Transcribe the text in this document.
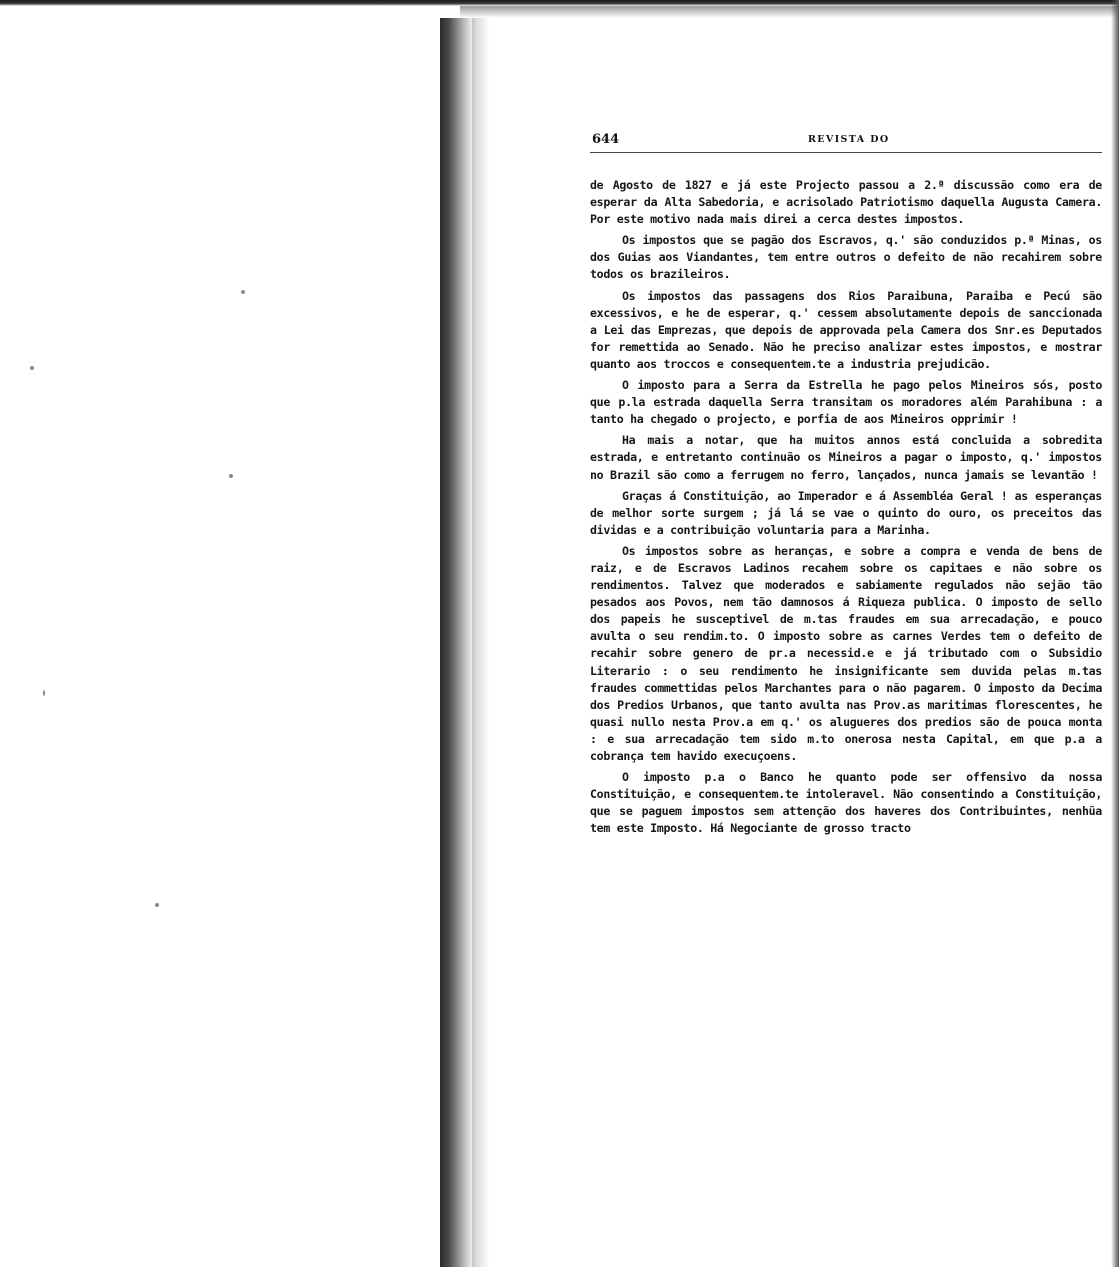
644	REVISTA DO

de Agosto de 1827 e já este Projecto passou a 2.ª discussão como era de esperar da Alta Sabedoria, e acrisolado Patriotismo daquella Augusta Camera. Por este motivo nada mais direi a cerca destes impostos.

Os impostos que se pagão dos Escravos, q.' são conduzidos p.ª Minas, os dos Guias aos Viandantes, tem entre outros o defeito de não recahirem sobre todos os brazileiros.

Os impostos das passagens dos Rios Paraibuna, Paraiba e Pecú são excessivos, e he de esperar, q.' cessem absolutamente depois de sanccionada a Lei das Emprezas, que depois de approvada pela Camera dos Snr.es Deputados for remettida ao Senado. Não he preciso analizar estes impostos, e mostrar quanto aos troccos e consequentem.te a industria prejudicão.

O imposto para a Serra da Estrella he pago pelos Mineiros sós, posto que p.la estrada daquella Serra transitam os moradores além Parahibuna : a tanto ha chegado o projecto, e porfia de aos Mineiros opprimir !

Ha mais a notar, que ha muitos annos está concluida a sobredita estrada, e entretanto continuão os Mineiros a pagar o imposto, q.' impostos no Brazil são como a ferrugem no ferro, lançados, nunca jamais se levantão !

Graças á Constituição, ao Imperador e á Assembléa Geral ! as esperanças de melhor sorte surgem ; já lá se vae o quinto do ouro, os preceitos das dividas e a contribuição voluntaria para a Marinha.

Os impostos sobre as heranças, e sobre a compra e venda de bens de raiz, e de Escravos Ladinos recahem sobre os capitaes e não sobre os rendimentos. Talvez que moderados e sabiamente regulados não sejão tão pesados aos Povos, nem tão damnosos á Riqueza publica. O imposto de sello dos papeis he susceptivel de m.tas fraudes em sua arrecadação, e pouco avulta o seu rendim.to. O imposto sobre as carnes Verdes tem o defeito de recahir sobre genero de pr.a necessid.e e já tributado com o Subsidio Literario : o seu rendimento he insignificante sem duvida pelas m.tas fraudes commettidas pelos Marchantes para o não pagarem. O imposto da Decima dos Predios Urbanos, que tanto avulta nas Prov.as maritimas florescentes, he quasi nullo nesta Prov.a em q.' os alugueres dos predios são de pouca monta : e sua arrecadação tem sido m.to onerosa nesta Capital, em que p.a a cobrança tem havido execuçoens.

O imposto p.a o Banco he quanto pode ser offensivo da nossa Constituição, e consequentem.te intoleravel. Não consentindo a Constituição, que se paguem impostos sem attenção dos haveres dos Contribuintes, nenhũa tem este Imposto. Há Negociante de grosso tracto
